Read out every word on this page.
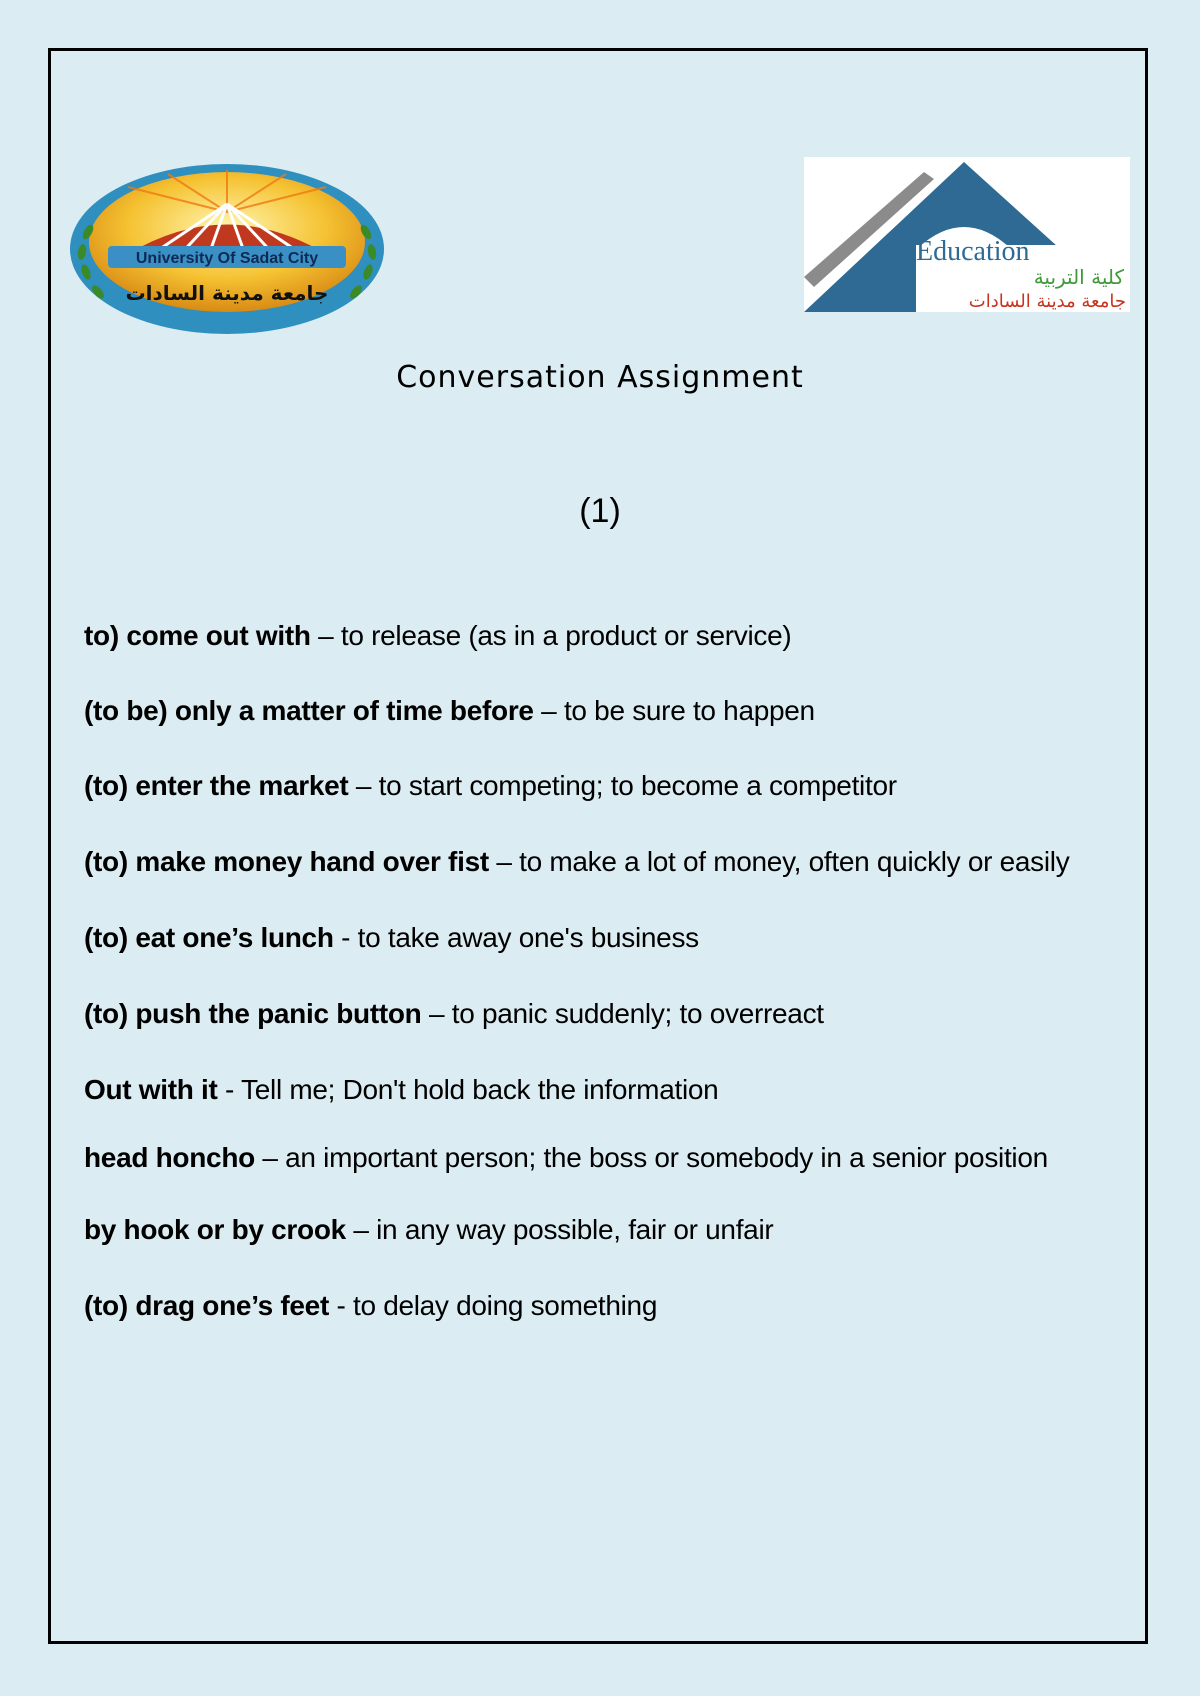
University Of Sadat City
جامعة مدينة السادات
Education
كلية التربية
جامعة مدينة السادات
Conversation Assignment
(1)
to) come out with – to release (as in a product or service)
(to be) only a matter of time before – to be sure to happen
(to) enter the market – to start competing; to become a competitor
(to) make money hand over fist – to make a lot of money, often quickly or easily
(to) eat one’s lunch - to take away one's business
(to) push the panic button – to panic suddenly; to overreact
Out with it - Tell me; Don't hold back the information
head honcho – an important person; the boss or somebody in a senior position
by hook or by crook – in any way possible, fair or unfair
(to) drag one’s feet - to delay doing something
